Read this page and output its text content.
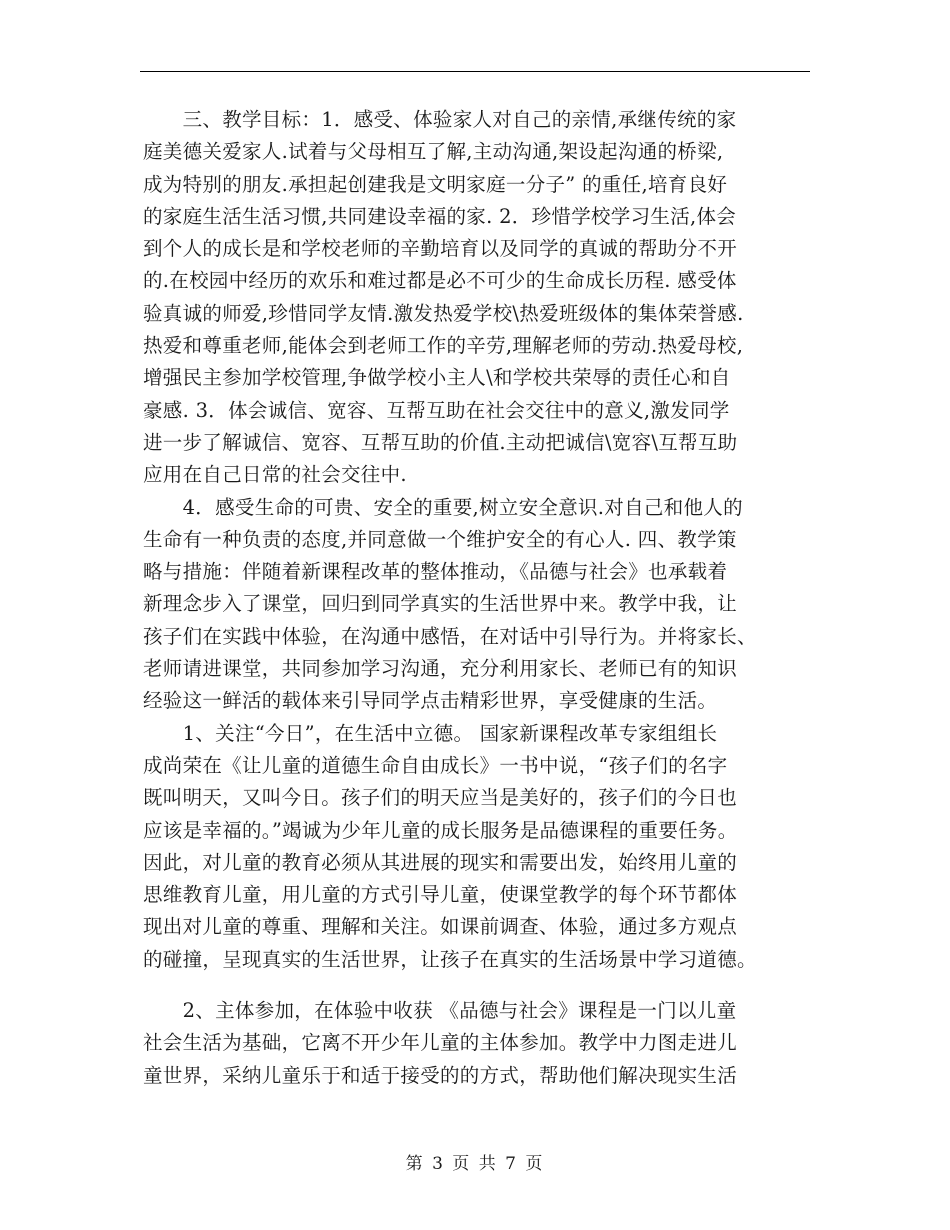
　　三、教学目标：1．感受、体验家人对自己的亲情,承继传统的家
庭美德关爱家人.试着与父母相互了解,主动沟通,架设起沟通的桥梁,
成为特别的朋友.承担起创建我是文明家庭一分子” 的重任,培育良好
的家庭生活生活习惯,共同建设幸福的家. 2．珍惜学校学习生活,体会
到个人的成长是和学校老师的辛勤培育以及同学的真诚的帮助分不开
的.在校园中经历的欢乐和难过都是必不可少的生命成长历程. 感受体
验真诚的师爱,珍惜同学友情.激发热爱学校\热爱班级体的集体荣誉感.
热爱和尊重老师,能体会到老师工作的辛劳,理解老师的劳动.热爱母校,
增强民主参加学校管理,争做学校小主人\和学校共荣辱的责任心和自
豪感. 3．体会诚信、宽容、互帮互助在社会交往中的意义,激发同学
进一步了解诚信、宽容、互帮互助的价值.主动把诚信\宽容\互帮互助
应用在自己日常的社会交往中.
　　4．感受生命的可贵、安全的重要,树立安全意识.对自己和他人的
生命有一种负责的态度,并同意做一个维护安全的有心人. 四、教学策
略与措施：伴随着新课程改革的整体推动，《品德与社会》也承载着
新理念步入了课堂，回归到同学真实的生活世界中来。教学中我，让
孩子们在实践中体验，在沟通中感悟，在对话中引导行为。并将家长、
老师请进课堂，共同参加学习沟通，充分利用家长、老师已有的知识
经验这一鲜活的载体来引导同学点击精彩世界，享受健康的生活。
　　1、关注“今日”，在生活中立德。 国家新课程改革专家组组长
成尚荣在《让儿童的道德生命自由成长》一书中说，“孩子们的名字
既叫明天，又叫今日。孩子们的明天应当是美好的，孩子们的今日也
应该是幸福的。”竭诚为少年儿童的成长服务是品德课程的重要任务。
因此，对儿童的教育必须从其进展的现实和需要出发，始终用儿童的
思维教育儿童，用儿童的方式引导儿童，使课堂教学的每个环节都体
现出对儿童的尊重、理解和关注。如课前调查、体验，通过多方观点
的碰撞，呈现真实的生活世界，让孩子在真实的生活场景中学习道德。
　　2、主体参加，在体验中收获 《品德与社会》课程是一门以儿童
社会生活为基础，它离不开少年儿童的主体参加。教学中力图走进儿
童世界，采纳儿童乐于和适于接受的的方式，帮助他们解决现实生活
第 3 页 共 7 页
